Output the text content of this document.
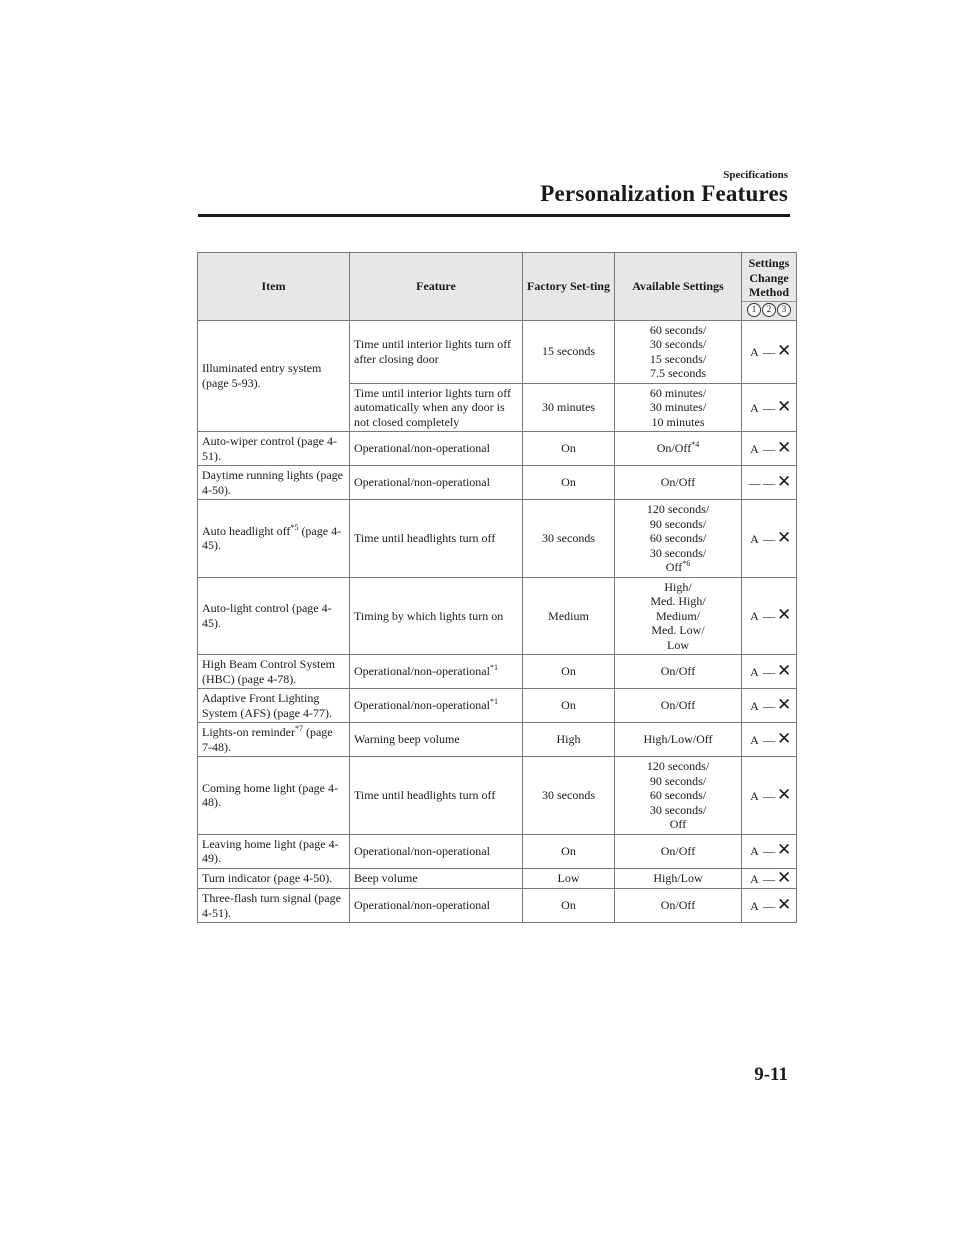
Specifications
Personalization Features
Item	Feature	Factory Set-ting	Available Settings	Settings Change Method

1 2 3

Illuminated entry system (page 5-93).	Time until interior lights turn off after closing door	15 seconds	60 seconds/
30 seconds/
15 seconds/
7.5 seconds	A — ✕
	Time until interior lights turn off automatically when any door is not closed completely	30 minutes	60 minutes/
30 minutes/
10 minutes	A — ✕
Auto-wiper control (page 4-51).	Operational/non-operational	On	On/Off$^{*4}$	A — ✕
Daytime running lights (page 4-50).	Operational/non-operational	On	On/Off	— — ✕
Auto headlight off$^{*5}$ (page 4-45).	Time until headlights turn off	30 seconds	120 seconds/
90 seconds/
60 seconds/
30 seconds/
Off$^{*6}$	A — ✕
Auto-light control (page 4-45).	Timing by which lights turn on	Medium	High/
Med. High/
Medium/
Med. Low/
Low	A — ✕
High Beam Control System (HBC) (page 4-78).	Operational/non-operational$^{*1}$	On	On/Off	A — ✕
Adaptive Front Lighting System (AFS) (page 4-77).	Operational/non-operational$^{*1}$	On	On/Off	A — ✕
Lights-on reminder$^{*7}$ (page 7-48).	Warning beep volume	High	High/Low/Off	A — ✕
Coming home light (page 4-48).	Time until headlights turn off	30 seconds	120 seconds/
90 seconds/
60 seconds/
30 seconds/
Off	A — ✕
Leaving home light (page 4-49).	Operational/non-operational	On	On/Off	A — ✕
Turn indicator (page 4-50).	Beep volume	Low	High/Low	A — ✕
Three-flash turn signal (page 4-51).	Operational/non-operational	On	On/Off	A — ✕
9-11
